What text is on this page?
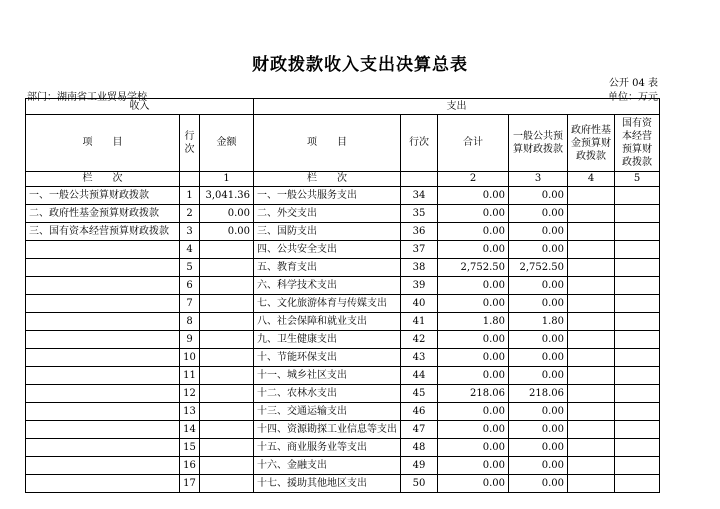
财政拨款收入支出决算总表
公开 04 表
部门：湖南省工业贸易学校	单位：万元
收入			支出					
项　　目	行次	金额	项　　目	行次	合计	一般公共预算财政拨款	政府性基金预算财政拨款	国有资本经营预算财政拨款
栏　　次		1	栏　　次		2	3	4	5
一、一般公共预算财政拨款	1	3,041.36	一、一般公共服务支出	34	0.00	0.00		
二、政府性基金预算财政拨款	2	0.00	二、外交支出	35	0.00	0.00		
三、国有资本经营预算财政拨款	3	0.00	三、国防支出	36	0.00	0.00		
	4		四、公共安全支出	37	0.00	0.00		
	5		五、教育支出	38	2,752.50	2,752.50		
	6		六、科学技术支出	39	0.00	0.00		
	7		七、文化旅游体育与传媒支出	40	0.00	0.00		
	8		八、社会保障和就业支出	41	1.80	1.80		
	9		九、卫生健康支出	42	0.00	0.00		
	10		十、节能环保支出	43	0.00	0.00		
	11		十一、城乡社区支出	44	0.00	0.00		
	12		十二、农林水支出	45	218.06	218.06		
	13		十三、交通运输支出	46	0.00	0.00		
	14		十四、资源勘探工业信息等支出	47	0.00	0.00		
	15		十五、商业服务业等支出	48	0.00	0.00		
	16		十六、金融支出	49	0.00	0.00		
	17		十七、援助其他地区支出	50	0.00	0.00		
